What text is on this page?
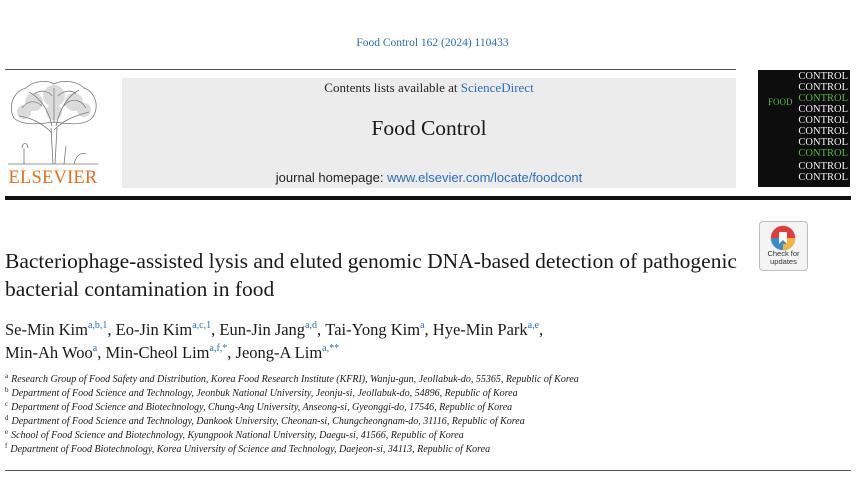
Food Control 162 (2024) 110433
ELSEVIER
Contents lists available at ScienceDirect
Food Control
journal homepage: www.elsevier.com/locate/foodcont
CONTROL
CONTROL
FOOD CONTROL
CONTROL
CONTROL
CONTROL
CONTROL
CONTROL
CONTROL
CONTROL
Check for
updates
Bacteriophage-assisted lysis and eluted genomic DNA-based detection of pathogenic bacterial contamination in food
Se-Min Kim$^{a,b,1}$, Eo-Jin Kim$^{a,c,1}$, Eun-Jin Jang$^{a,d}$, Tai-Yong Kim$^a$, Hye-Min Park$^{a,e}$,
Min-Ah Woo$^a$, Min-Cheol Lim$^{a,f,*}$, Jeong-A Lim$^{a,**}$
$^a$ Research Group of Food Safety and Distribution, Korea Food Research Institute (KFRI), Wanju-gun, Jeollabuk-do, 55365, Republic of Korea
$^b$ Department of Food Science and Technology, Jeonbuk National University, Jeonju-si, Jeollabuk-do, 54896, Republic of Korea
$^c$ Department of Food Science and Biotechnology, Chung-Ang University, Anseong-si, Gyeonggi-do, 17546, Republic of Korea
$^d$ Department of Food Science and Technology, Dankook University, Cheonan-si, Chungcheongnam-do, 31116, Republic of Korea
$^e$ School of Food Science and Biotechnology, Kyungpook National University, Daegu-si, 41566, Republic of Korea
$^f$ Department of Food Biotechnology, Korea University of Science and Technology, Daejeon-si, 34113, Republic of Korea
